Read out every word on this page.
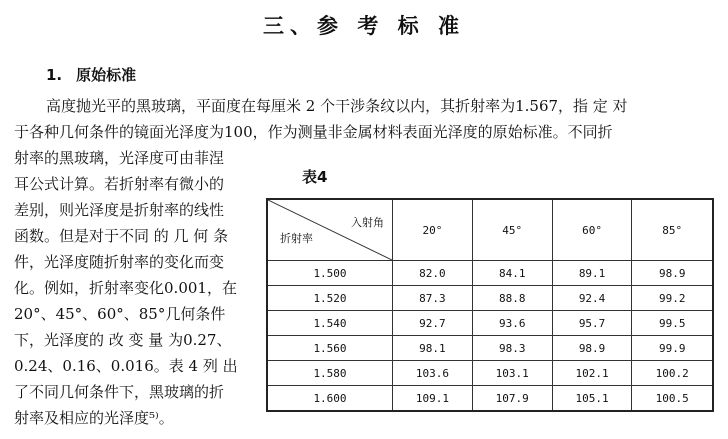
三、参 考 标 准
1. 原始标准
高度抛光平的黑玻璃，平面度在每厘米 2 个干涉条纹以内，其折射率为1.567，指 定 对
于各种几何条件的镜面光泽度为100，作为测量非金属材料表面光泽度的原始标准。不同折
射率的黑玻璃，光泽度可由菲涅
耳公式计算。若折射率有微小的
差别，则光泽度是折射率的线性
函数。但是对于不同 的 几 何 条
件，光泽度随折射率的变化而变
化。例如，折射率变化0.001，在
20°、45°、60°、85°几何条件
下，光泽度的 改 变 量 为0.27、
0.24、0.16、0.016。表 4 列 出
了不同几何条件下，黑玻璃的折
射率及相应的光泽度⁵⁾。
表4
入射角
折射率	20°	45°	60°	85°
1.500	82.0	84.1	89.1	98.9
1.520	87.3	88.8	92.4	99.2
1.540	92.7	93.6	95.7	99.5
1.560	98.1	98.3	98.9	99.9
1.580	103.6	103.1	102.1	100.2
1.600	109.1	107.9	105.1	100.5
